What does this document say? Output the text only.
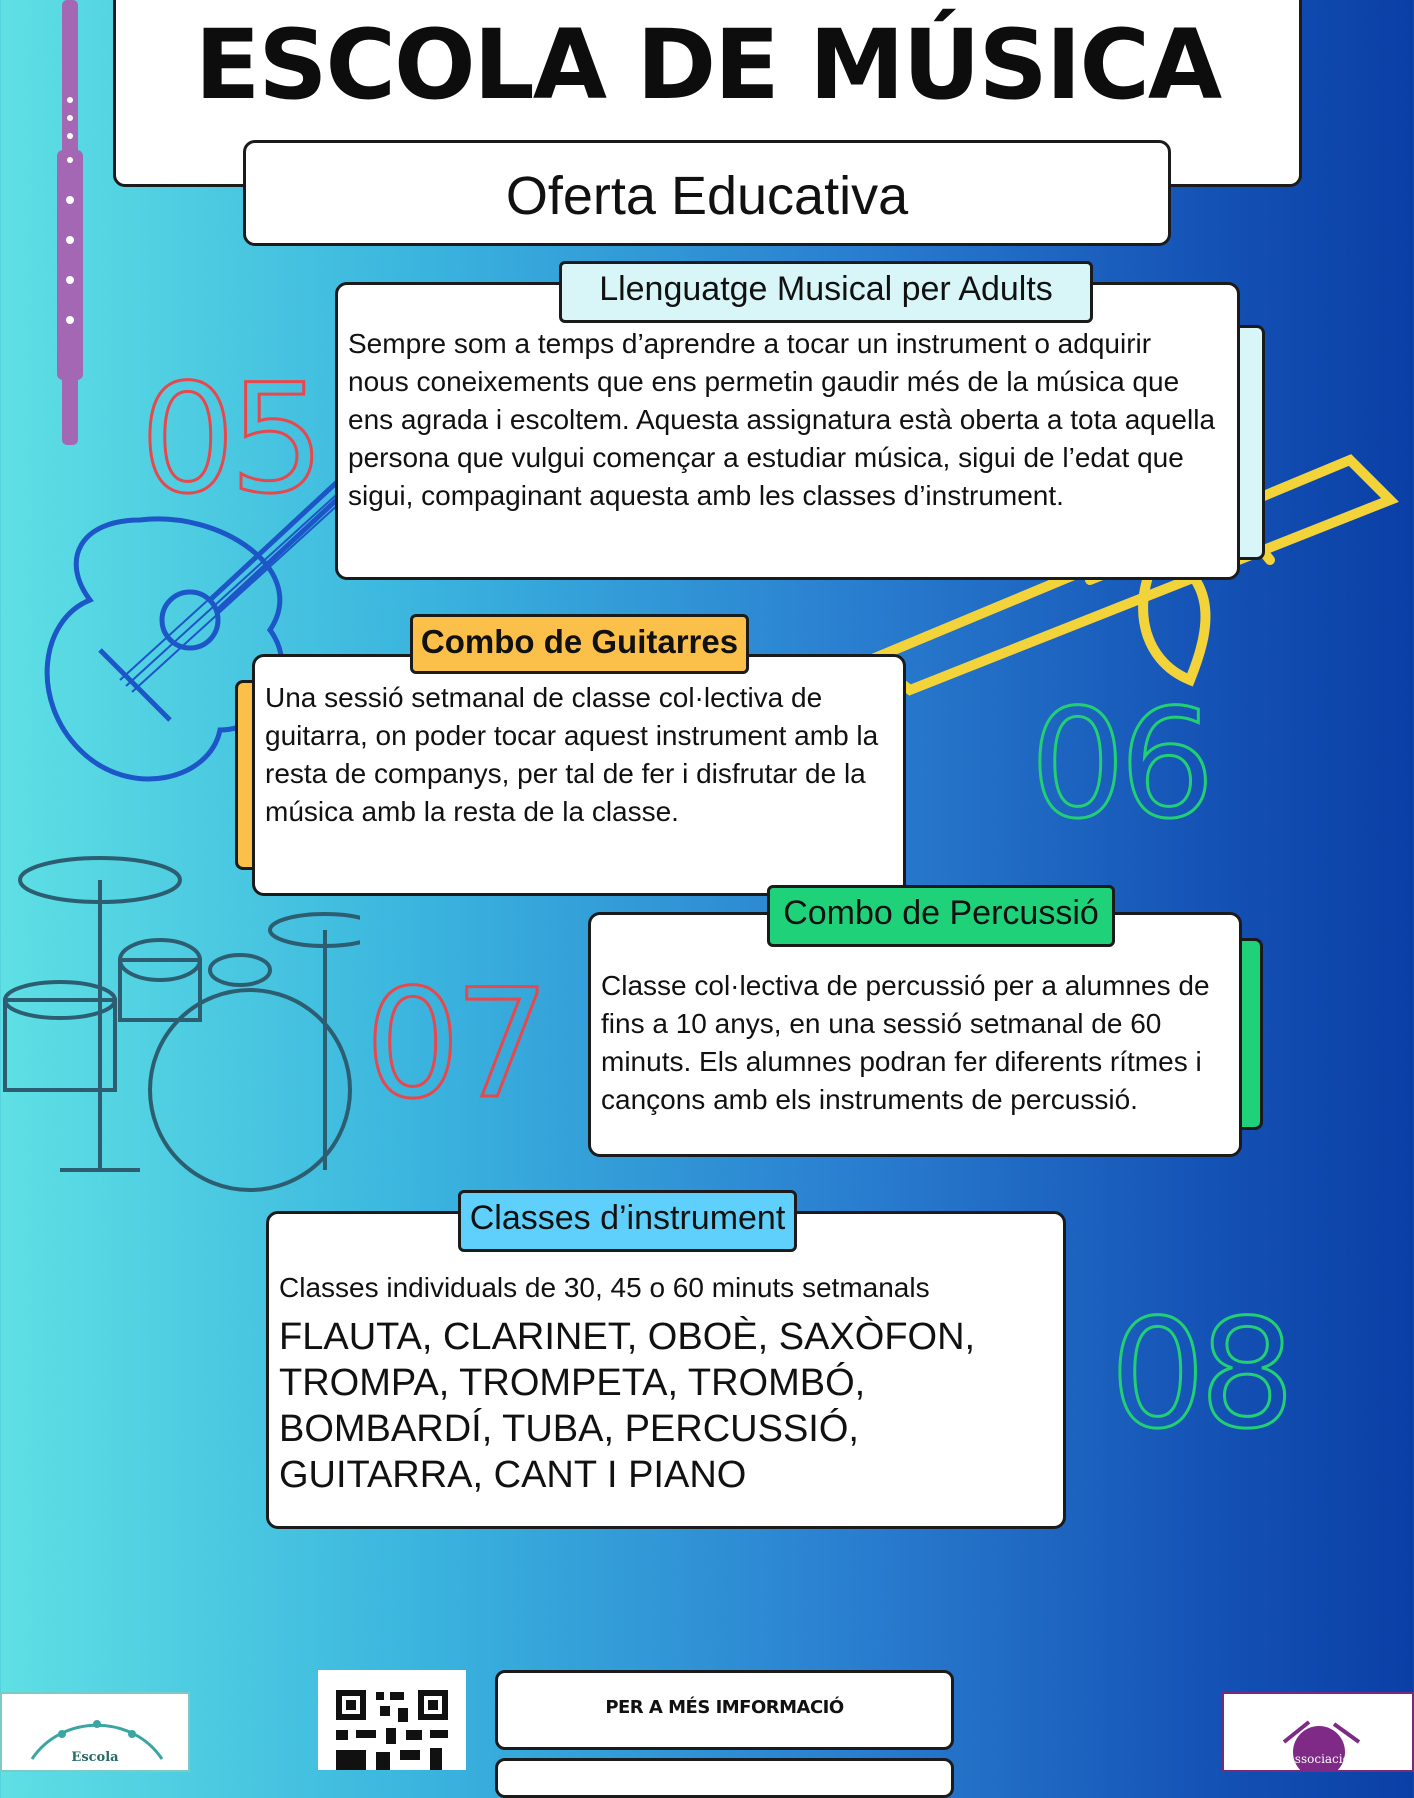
ESCOLA DE MÚSICA
Oferta Educativa
05
Sempre som a temps d’aprendre a tocar un instrument o adquirir nous coneixements que ens permetin gaudir més de la música que ens agrada i escoltem. Aquesta assignatura està oberta a tota aquella persona que vulgui començar a estudiar música, sigui de l’edat que sigui, compaginant aquesta amb les classes d’instrument.
Llenguatge Musical per Adults
Una sessió setmanal de classe col·lectiva de guitarra, on poder tocar aquest instrument amb la resta de companys, per tal de fer i disfrutar de la música amb la resta de la classe.
Combo de Guitarres
06
07 Classe col·lectiva de percussió per a alumnes de fins a 10 anys, en una sessió setmanal de 60 minuts. Els alumnes podran fer diferents rítmes i cançons amb els instruments de percussió.
Combo de Percussió
Classes individuals de 30, 45 o 60 minuts setmanals
FLAUTA, CLARINET, OBOÈ, SAXÒFON, TROMPA, TROMPETA, TROMBÓ, BOMBARDÍ, TUBA, PERCUSSIÓ, GUITARRA, CANT I PIANO
Classes d’instrument
08
Escola
PER A MÉS IMFORMACIÓ
Associació
